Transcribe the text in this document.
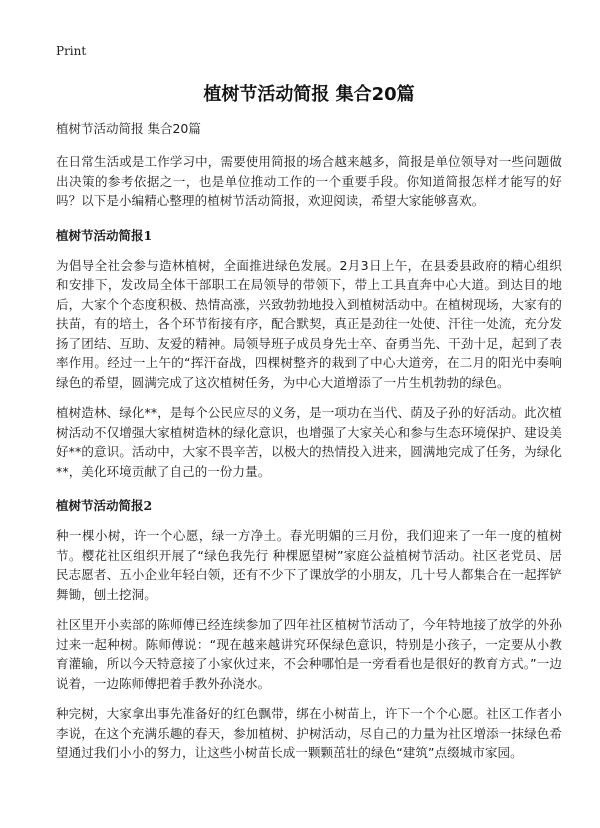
Print
植树节活动简报 集合20篇
植树节活动简报 集合20篇

在日常生活或是工作学习中，需要使用简报的场合越来越多，简报是单位领导对一些问题做出决策的参考依据之一，也是单位推动工作的一个重要手段。你知道简报怎样才能写的好吗？以下是小编精心整理的植树节活动简报，欢迎阅读，希望大家能够喜欢。

植树节活动简报1

为倡导全社会参与造林植树，全面推进绿色发展。2月3日上午，在县委县政府的精心组织和安排下，发改局全体干部职工在局领导的带领下，带上工具直奔中心大道。到达目的地后，大家个个态度积极、热情高涨，兴致勃勃地投入到植树活动中。在植树现场，大家有的扶苗，有的培土，各个环节衔接有序，配合默契，真正是劲往一处使、汗往一处流，充分发扬了团结、互助、友爱的精神。局领导班子成员身先士卒、奋勇当先、干劲十足，起到了表率作用。经过一上午的“挥汗奋战，四棵树整齐的栽到了中心大道旁，在二月的阳光中奏响绿色的希望，圆满完成了这次植树任务，为中心大道增添了一片生机勃勃的绿色。

植树造林、绿化**，是每个公民应尽的义务，是一项功在当代、荫及子孙的好活动。此次植树活动不仅增强大家植树造林的绿化意识，也增强了大家关心和参与生态环境保护、建设美好**的意识。活动中，大家不畏辛苦，以极大的热情投入进来，圆满地完成了任务，为绿化**，美化环境贡献了自己的一份力量。

植树节活动简报2

种一棵小树，许一个心愿，绿一方净土。春光明媚的三月份，我们迎来了一年一度的植树节。樱花社区组织开展了“绿色我先行 种棵愿望树”家庭公益植树节活动。社区老党员、居民志愿者、五小企业年轻白领，还有不少下了课放学的小朋友，几十号人都集合在一起挥铲舞锄，刨土挖洞。

社区里开小卖部的陈师傅已经连续参加了四年社区植树节活动了，今年特地接了放学的外孙过来一起种树。陈师傅说：“现在越来越讲究环保绿色意识，特别是小孩子，一定要从小教育灌输，所以今天特意接了小家伙过来，不会种哪怕是一旁看看也是很好的教育方式。”一边说着，一边陈师傅把着手教外孙浇水。

种完树，大家拿出事先准备好的红色飘带，绑在小树苗上，许下一个个心愿。社区工作者小李说，在这个充满乐趣的春天，参加植树、护树活动，尽自己的力量为社区增添一抹绿色希望通过我们小小的努力，让这些小树苗长成一颗颗茁壮的绿色“建筑”点缀城市家园。
